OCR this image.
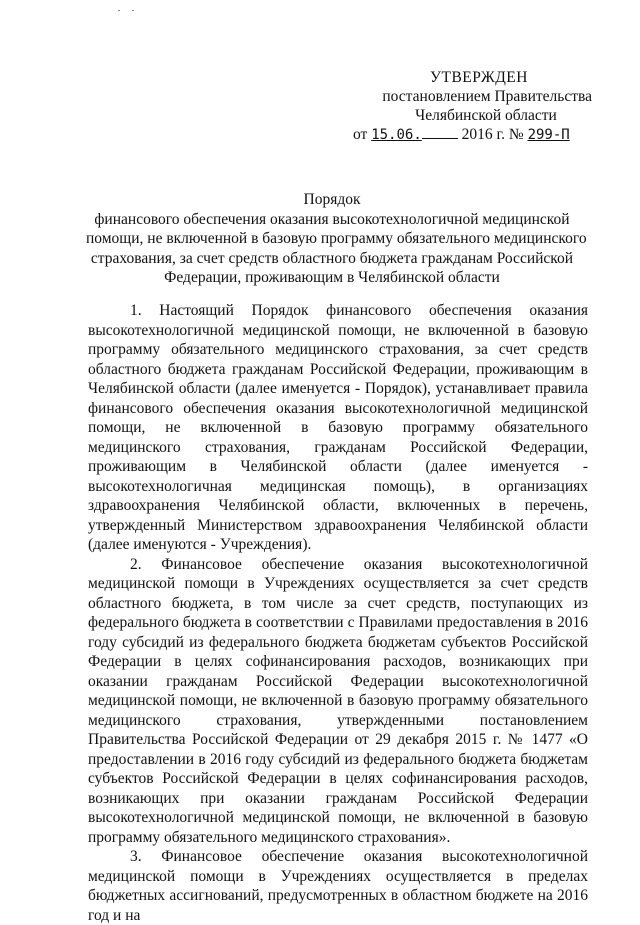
УТВЕРЖДЕН
постановлением Правительства
Челябинской области
от 15.06.	2016 г. № 299-П
Порядок
финансового обеспечения оказания высокотехнологичной медицинской
помощи, не включенной в базовую программу обязательного медицинского
страхования, за счет средств областного бюджета гражданам Российской
Федерации, проживающим в Челябинской области

1. Настоящий Порядок финансового обеспечения оказания высокотехнологичной медицинской помощи, не включенной в базовую программу обязательного медицинского страхования, за счет средств областного бюджета гражданам Российской Федерации, проживающим в Челябинской области (далее именуется - Порядок), устанавливает правила финансового обеспечения оказания высокотехнологичной медицинской помощи, не включенной в базовую программу обязательного медицинского страхования, гражданам Российской Федерации, проживающим в Челябинской области (далее именуется - высокотехнологичная медицинская помощь), в организациях здравоохранения Челябинской области, включенных в перечень, утвержденный Министерством здравоохранения Челябинской области (далее именуются - Учреждения).

2. Финансовое обеспечение оказания высокотехнологичной медицинской помощи в Учреждениях осуществляется за счет средств областного бюджета, в том числе за счет средств, поступающих из федерального бюджета в соответствии с Правилами предоставления в 2016 году субсидий из федерального бюджета бюджетам субъектов Российской Федерации в целях софинансирования расходов, возникающих при оказании гражданам Российской Федерации высокотехнологичной медицинской помощи, не включенной в базовую программу обязательного медицинского страхования, утвержденными постановлением Правительства Российской Федерации от 29 декабря 2015 г. № 1477 «О предоставлении в 2016 году субсидий из федерального бюджета бюджетам субъектов Российской Федерации в целях софинансирования расходов, возникающих при оказании гражданам Российской Федерации высокотехнологичной медицинской помощи, не включенной в базовую программу обязательного медицинского страхования».

3. Финансовое обеспечение оказания высокотехнологичной медицинской помощи в Учреждениях осуществляется в пределах бюджетных ассигнований, предусмотренных в областном бюджете на 2016 год и на
